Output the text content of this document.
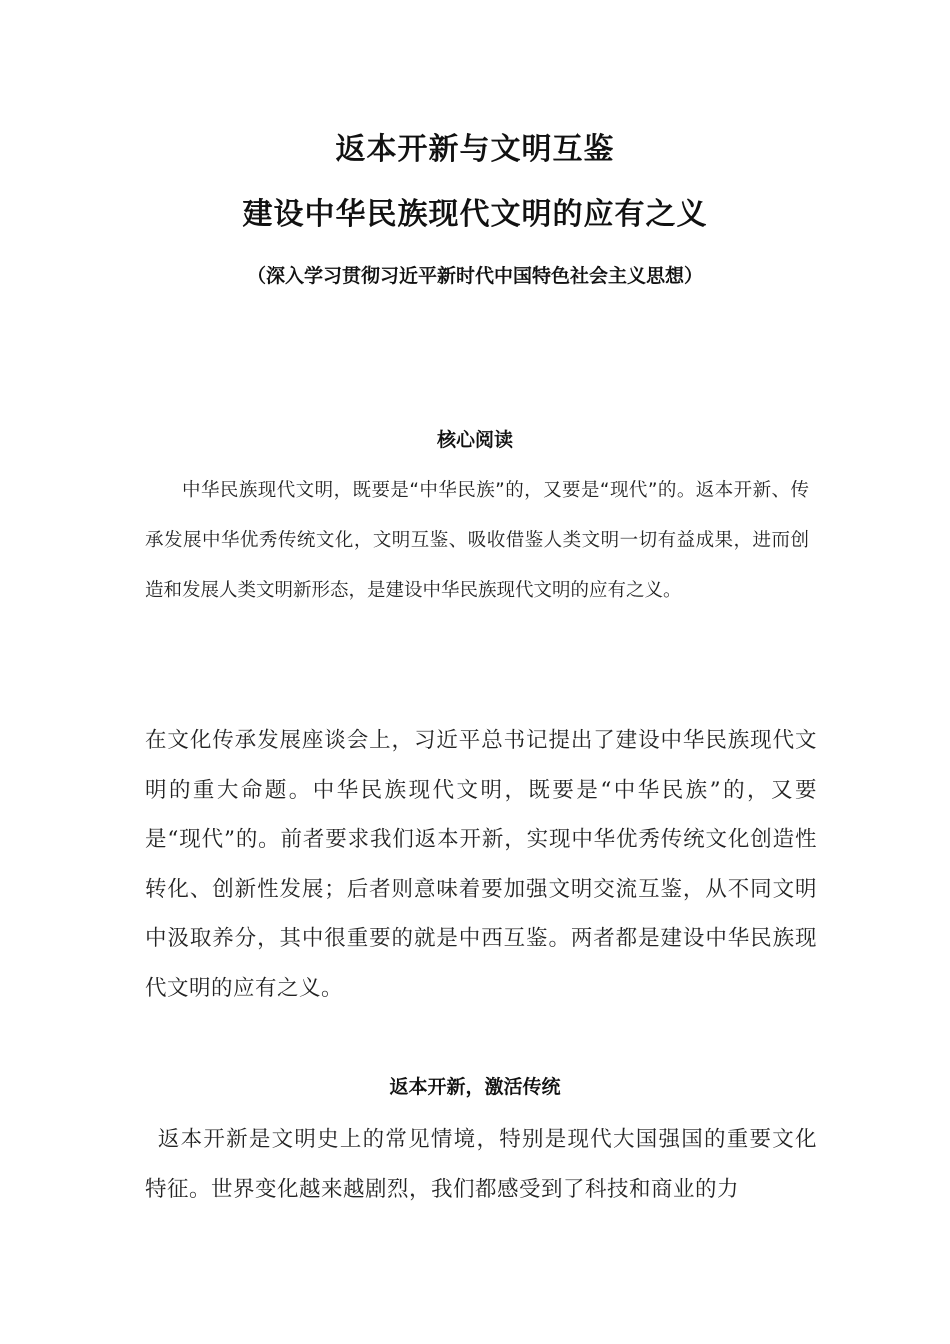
返本开新与文明互鉴
建设中华民族现代文明的应有之义
（深入学习贯彻习近平新时代中国特色社会主义思想）
核心阅读

中华民族现代文明，既要是“中华民族”的，又要是“现代”的。返本开新、传承发展中华优秀传统文化，文明互鉴、吸收借鉴人类文明一切有益成果，进而创造和发展人类文明新形态，是建设中华民族现代文明的应有之义。

在文化传承发展座谈会上，习近平总书记提出了建设中华民族现代文明的重大命题。中华民族现代文明，既要是“中华民族”的，又要是“现代”的。前者要求我们返本开新，实现中华优秀传统文化创造性转化、创新性发展；后者则意味着要加强文明交流互鉴，从不同文明中汲取养分，其中很重要的就是中西互鉴。两者都是建设中华民族现代文明的应有之义。

返本开新，激活传统

返本开新是文明史上的常见情境，特别是现代大国强国的重要文化特征。世界变化越来越剧烈，我们都感受到了科技和商业的力
